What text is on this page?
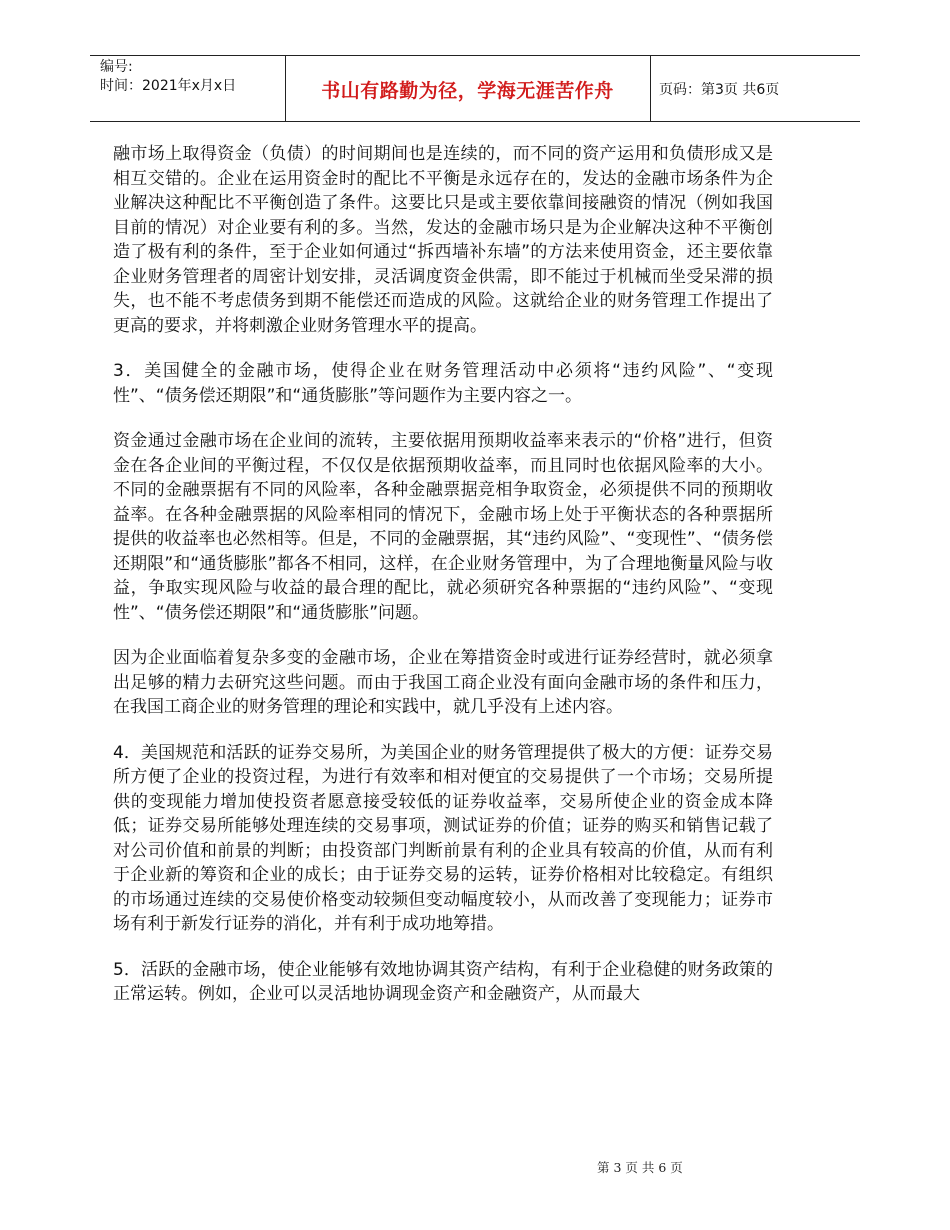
编号:
时间：2021年x月x日	书山有路勤为径，学海无涯苦作舟	页码：第3页 共6页

融市场上取得资金（负债）的时间期间也是连续的，而不同的资产运用和负债形成又是相互交错的。企业在运用资金时的配比不平衡是永远存在的，发达的金融市场条件为企业解决这种配比不平衡创造了条件。这要比只是或主要依靠间接融资的情况（例如我国目前的情况）对企业要有利的多。当然，发达的金融市场只是为企业解决这种不平衡创造了极有利的条件，至于企业如何通过“拆西墙补东墙”的方法来使用资金，还主要依靠企业财务管理者的周密计划安排，灵活调度资金供需，即不能过于机械而坐受呆滞的损失，也不能不考虑债务到期不能偿还而造成的风险。这就给企业的财务管理工作提出了更高的要求，并将刺激企业财务管理水平的提高。

3．美国健全的金融市场，使得企业在财务管理活动中必须将“违约风险”、“变现性”、“债务偿还期限”和“通货膨胀”等问题作为主要内容之一。

资金通过金融市场在企业间的流转，主要依据用预期收益率来表示的“价格”进行，但资金在各企业间的平衡过程，不仅仅是依据预期收益率，而且同时也依据风险率的大小。不同的金融票据有不同的风险率，各种金融票据竞相争取资金，必须提供不同的预期收益率。在各种金融票据的风险率相同的情况下，金融市场上处于平衡状态的各种票据所提供的收益率也必然相等。但是，不同的金融票据，其“违约风险”、“变现性”、“债务偿还期限”和“通货膨胀”都各不相同，这样，在企业财务管理中，为了合理地衡量风险与收益，争取实现风险与收益的最合理的配比，就必须研究各种票据的“违约风险”、“变现性”、“债务偿还期限”和“通货膨胀”问题。

因为企业面临着复杂多变的金融市场，企业在筹措资金时或进行证券经营时，就必须拿出足够的精力去研究这些问题。而由于我国工商企业没有面向金融市场的条件和压力，在我国工商企业的财务管理的理论和实践中，就几乎没有上述内容。

4．美国规范和活跃的证券交易所，为美国企业的财务管理提供了极大的方便：证券交易所方便了企业的投资过程，为进行有效率和相对便宜的交易提供了一个市场；交易所提供的变现能力增加使投资者愿意接受较低的证券收益率，交易所使企业的资金成本降低；证券交易所能够处理连续的交易事项，测试证券的价值；证券的购买和销售记载了对公司价值和前景的判断；由投资部门判断前景有利的企业具有较高的价值，从而有利于企业新的筹资和企业的成长；由于证券交易的运转，证券价格相对比较稳定。有组织的市场通过连续的交易使价格变动较频但变动幅度较小，从而改善了变现能力；证券市场有利于新发行证券的消化，并有利于成功地筹措。

5．活跃的金融市场，使企业能够有效地协调其资产结构，有利于企业稳健的财务政策的正常运转。例如，企业可以灵活地协调现金资产和金融资产，从而最大

第 3 页 共 6 页
